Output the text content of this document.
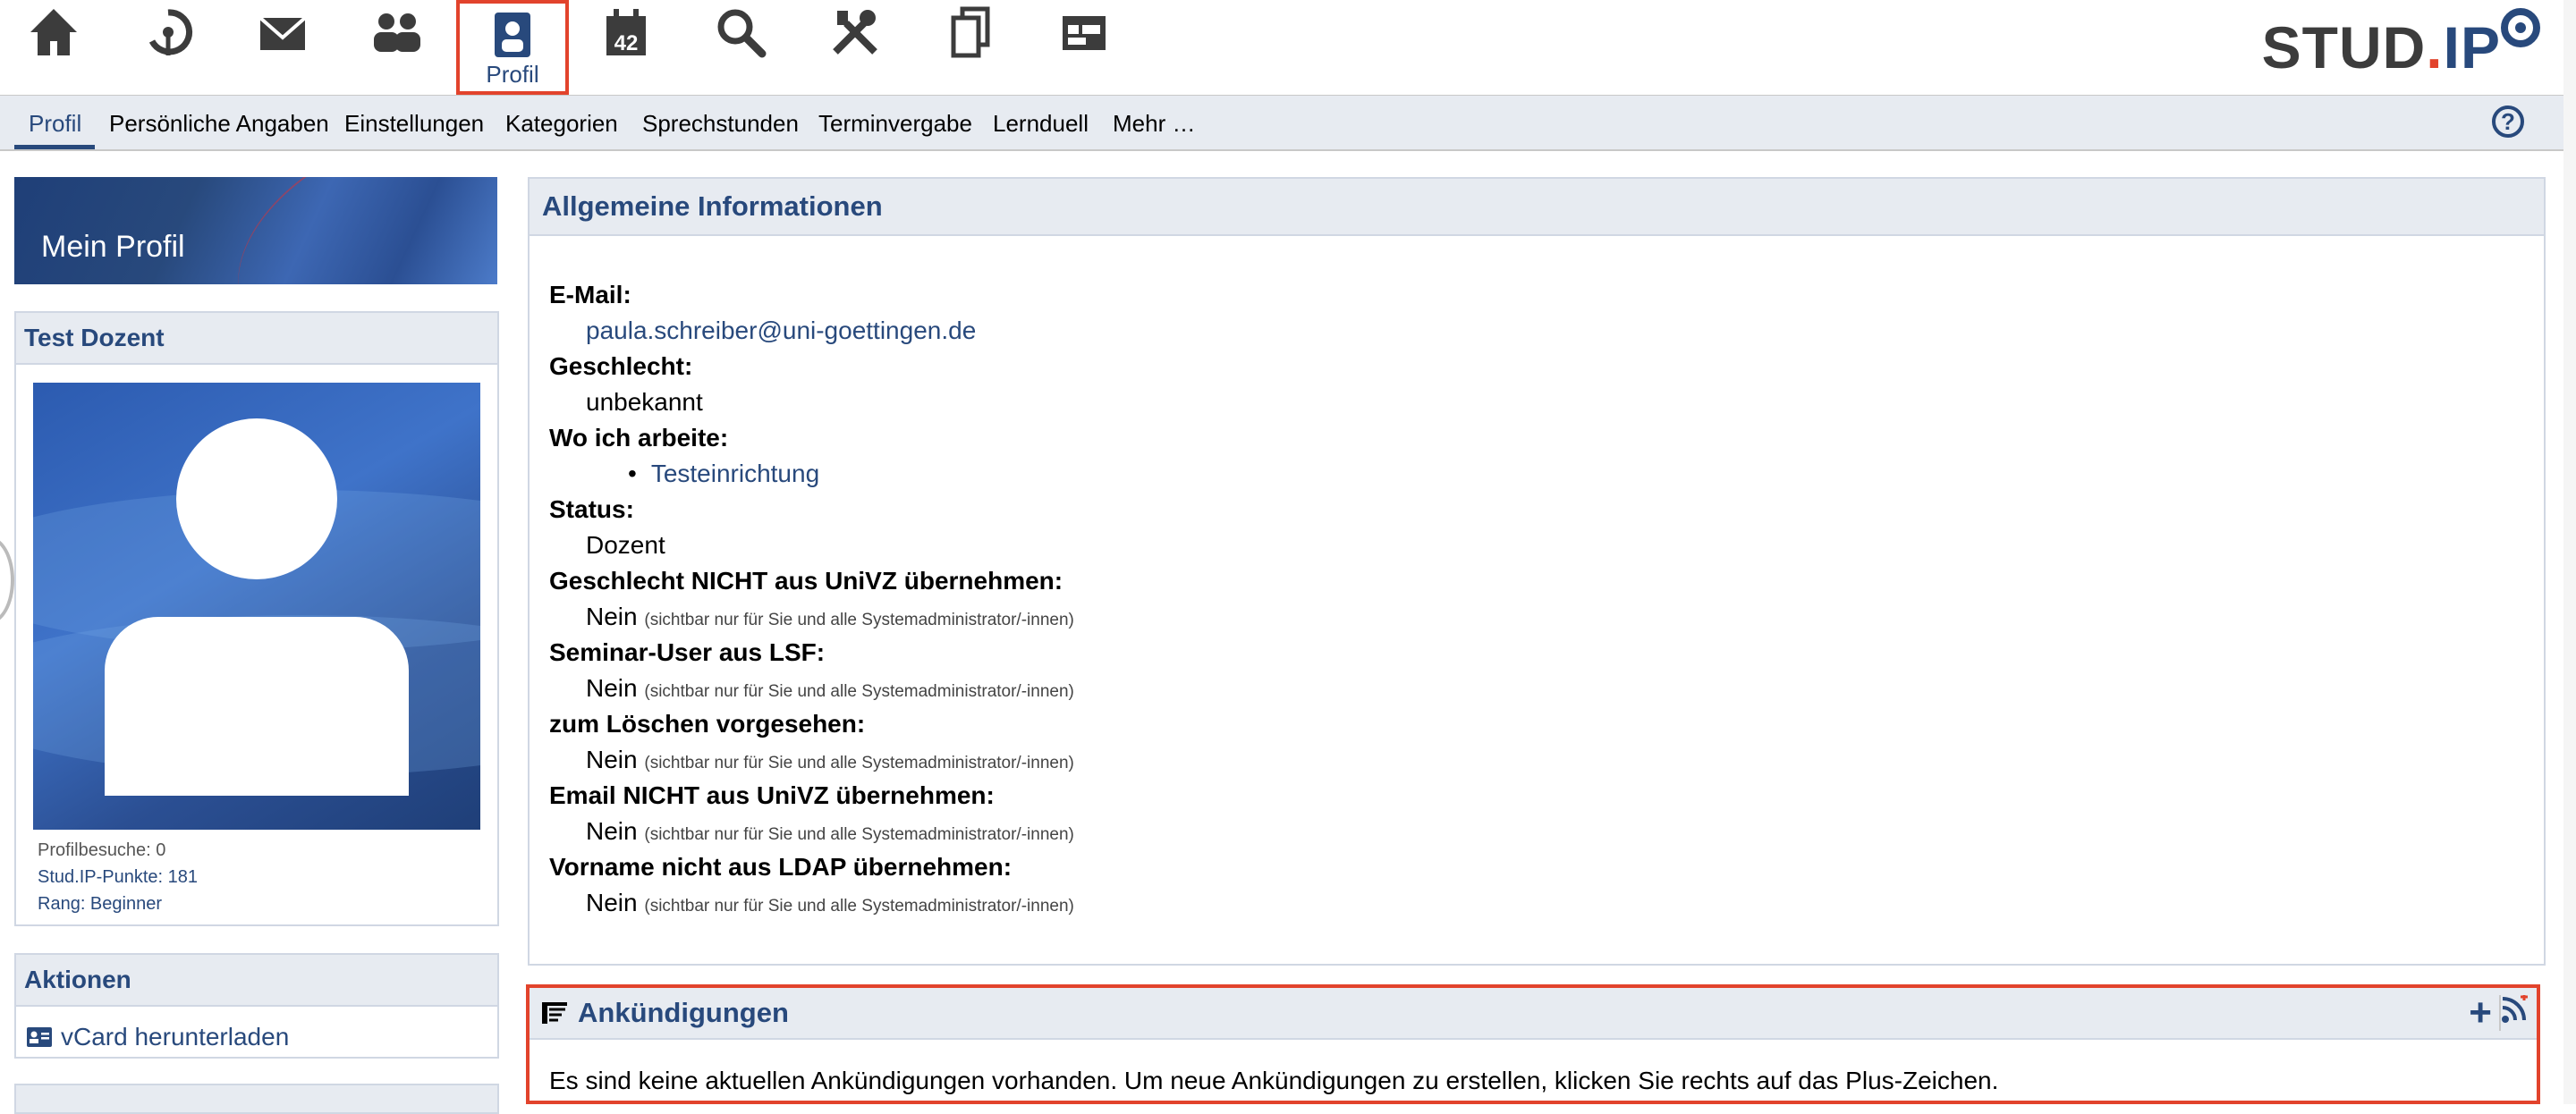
Profil
42	STUD.IP
Profil Persönliche Angaben Einstellungen Kategorien Sprechstunden Terminvergabe Lernduell Mehr …	?
Mein Profil
Test Dozent
Profilbesuche: 0
Stud.IP-Punkte: 181
Rang: Beginner
Aktionen
vCard herunterladen
Allgemeine Informationen
E-Mail:
paula.schreiber@uni-goettingen.de
Geschlecht:
unbekannt
Wo ich arbeite:
• Testeinrichtung
Status:
Dozent
Geschlecht NICHT aus UniVZ übernehmen:
Nein (sichtbar nur für Sie und alle Systemadministrator/-innen)
Seminar-User aus LSF:
Nein (sichtbar nur für Sie und alle Systemadministrator/-innen)
zum Löschen vorgesehen:
Nein (sichtbar nur für Sie und alle Systemadministrator/-innen)
Email NICHT aus UniVZ übernehmen:
Nein (sichtbar nur für Sie und alle Systemadministrator/-innen)
Vorname nicht aus LDAP übernehmen:
Nein (sichtbar nur für Sie und alle Systemadministrator/-innen)
Ankündigungen	+
Es sind keine aktuellen Ankündigungen vorhanden. Um neue Ankündigungen zu erstellen, klicken Sie rechts auf das Plus-Zeichen.
